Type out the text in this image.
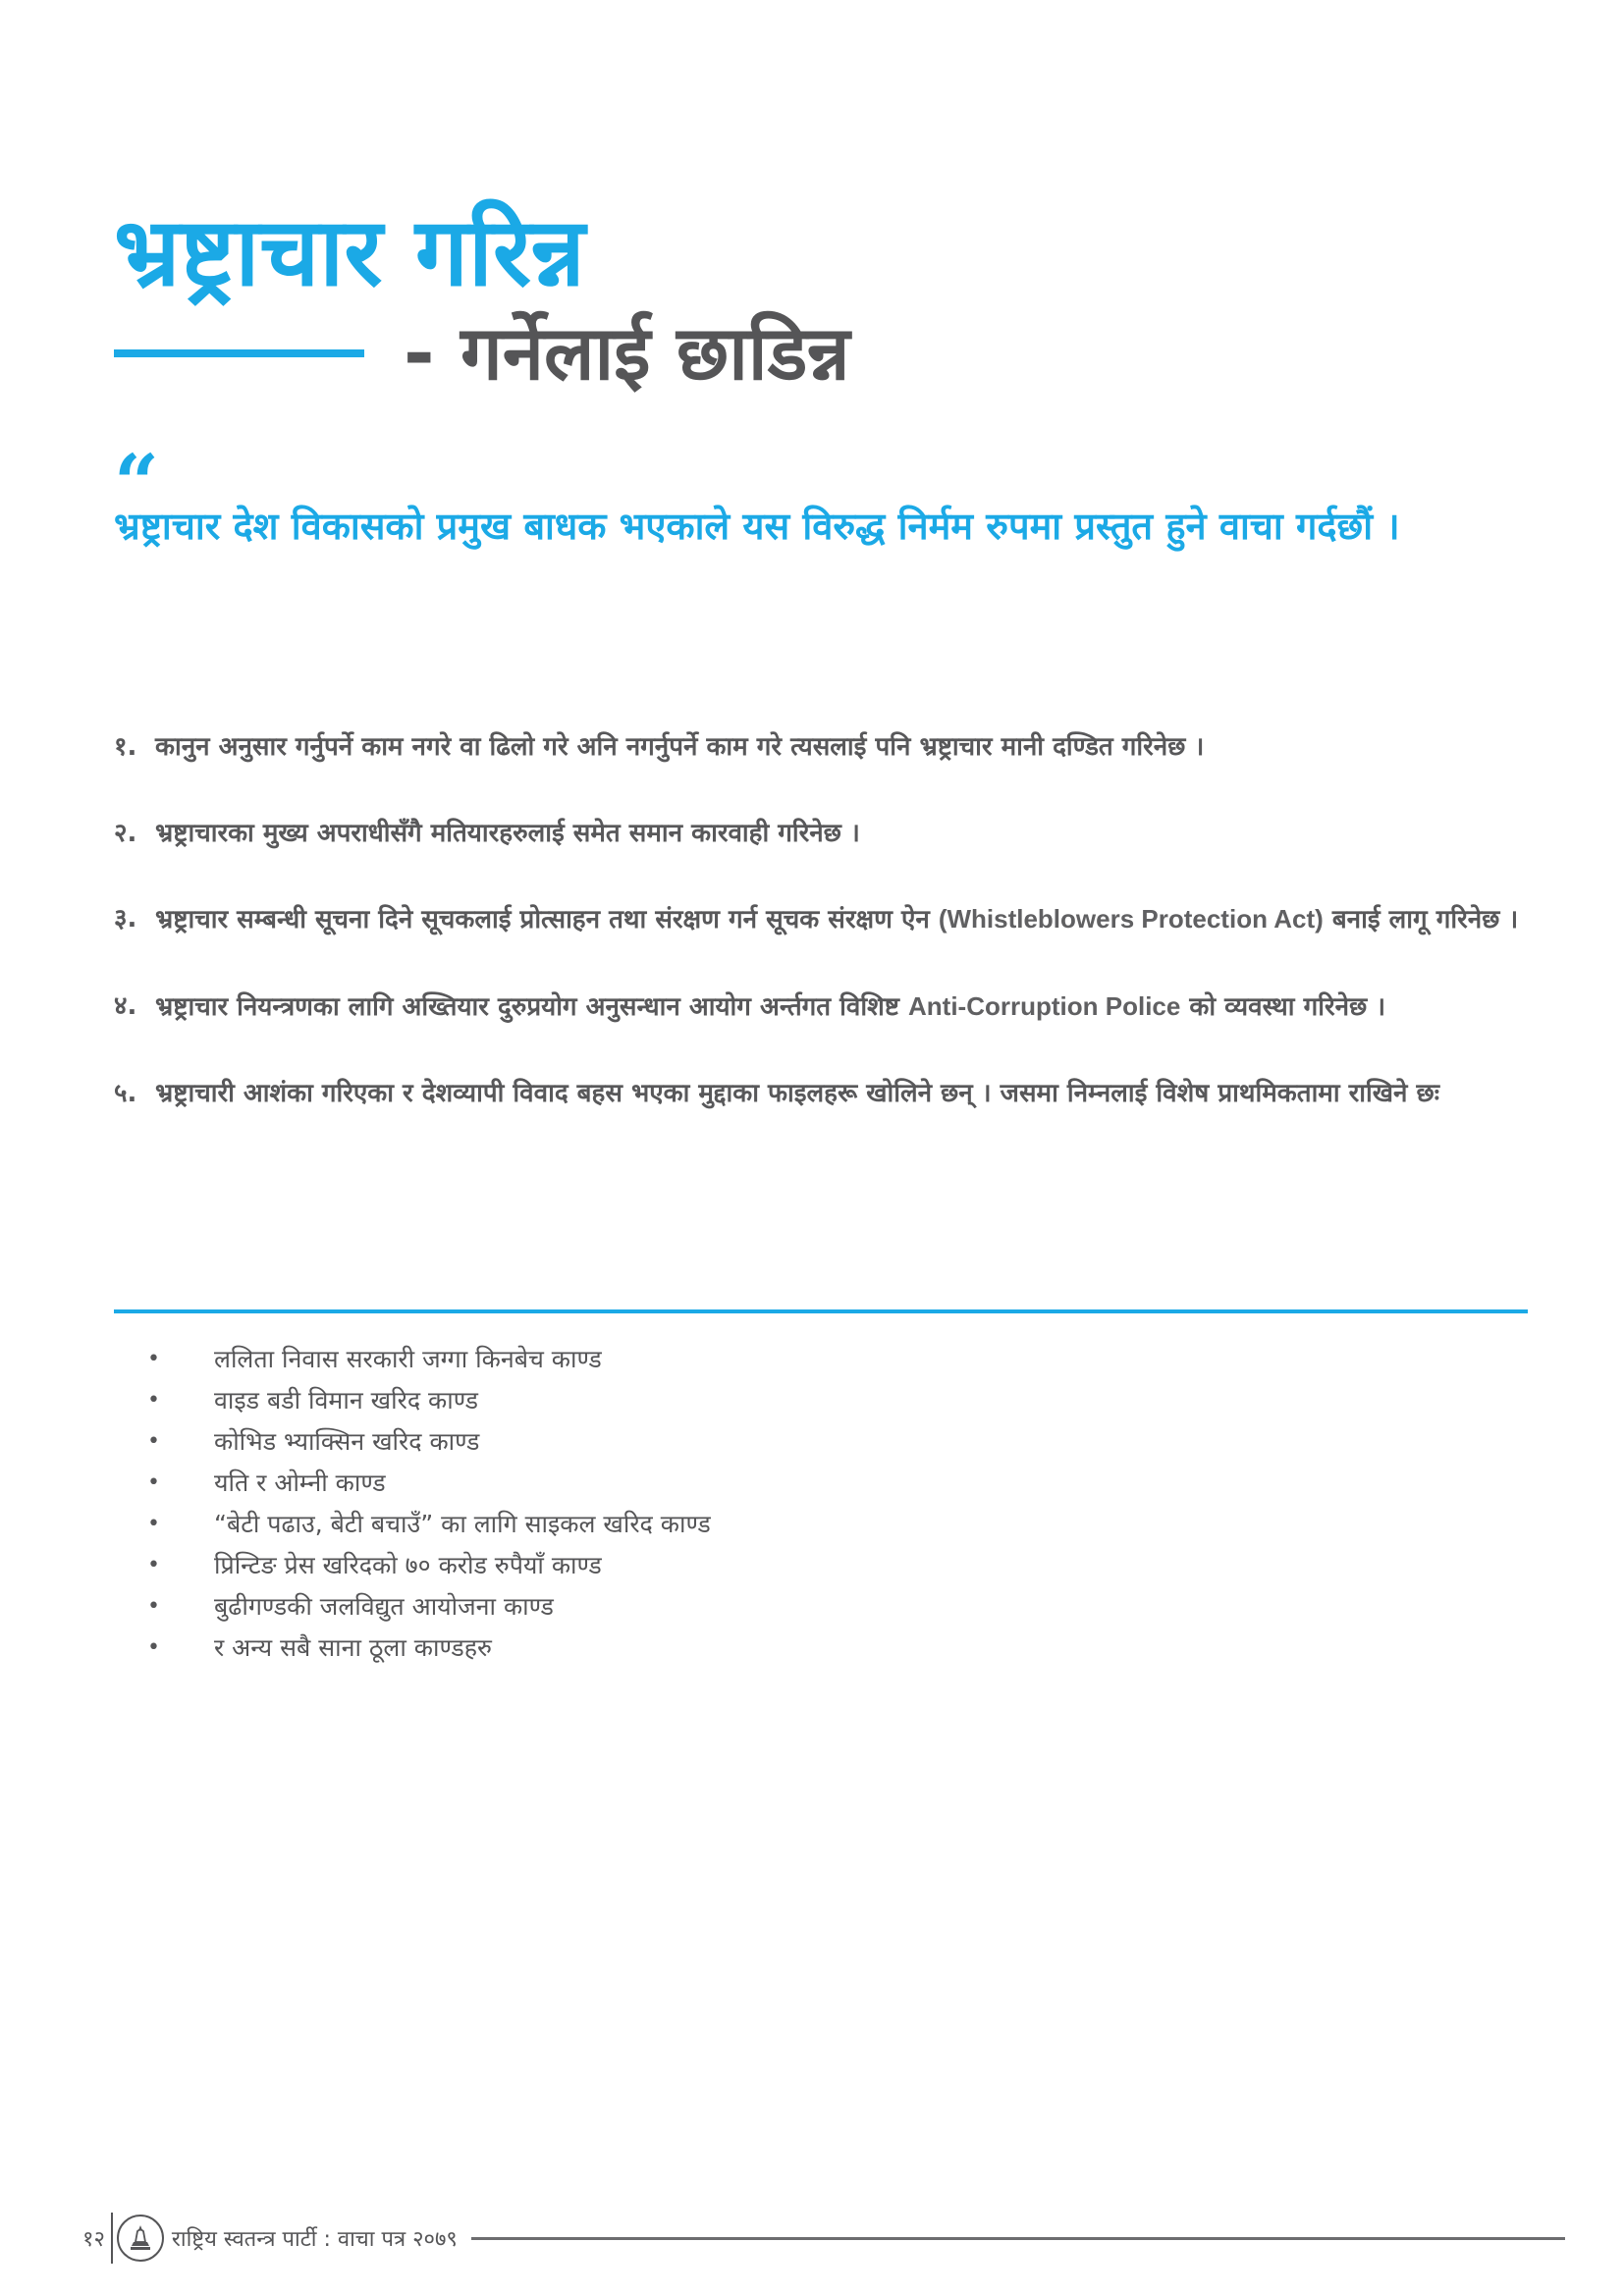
भ्रष्ट्राचार गरिन्न
- गर्नेलाई छाडिन्न
“

भ्रष्ट्राचार देश विकासको प्रमुख बाधक भएकाले यस विरुद्ध निर्मम रुपमा प्रस्तुत हुने वाचा गर्दछौं ।

१. कानुन अनुसार गर्नुपर्ने काम नगरे वा ढिलो गरे अनि नगर्नुपर्ने काम गरे त्यसलाई पनि भ्रष्ट्राचार मानी दण्डित गरिनेछ ।
२. भ्रष्ट्राचारका मुख्य अपराधीसँगै मतियारहरुलाई समेत समान कारवाही गरिनेछ ।
३. भ्रष्ट्राचार सम्बन्धी सूचना दिने सूचकलाई प्रोत्साहन तथा संरक्षण गर्न सूचक संरक्षण ऐन (Whistleblowers Protection Act) बनाई लागू गरिनेछ ।
४. भ्रष्ट्राचार नियन्त्रणका लागि अख्तियार दुरुप्रयोग अनुसन्धान आयोग अर्न्तगत विशिष्ट Anti-Corruption Police को व्यवस्था गरिनेछ ।
५. भ्रष्ट्राचारी आशंका गरिएका र देशव्यापी विवाद बहस भएका मुद्दाका फाइलहरू खोलिने छन् । जसमा निम्नलाई विशेष प्राथमिकतामा राखिने छः
•	ललिता निवास सरकारी जग्गा किनबेच काण्ड
•	वाइड बडी विमान खरिद काण्ड
•	कोभिड भ्याक्सिन खरिद काण्ड
•	यति र ओम्नी काण्ड
•	“बेटी पढाउ, बेटी बचाउँ” का लागि साइकल खरिद काण्ड
•	प्रिन्टिङ प्रेस खरिदको ७० करोड रुपैयाँ काण्ड
•	बुढीगण्डकी जलविद्युत आयोजना काण्ड
•	र अन्य सबै साना ठूला काण्डहरु
१२	राष्ट्रिय स्वतन्त्र पार्टी : वाचा पत्र २०७९
